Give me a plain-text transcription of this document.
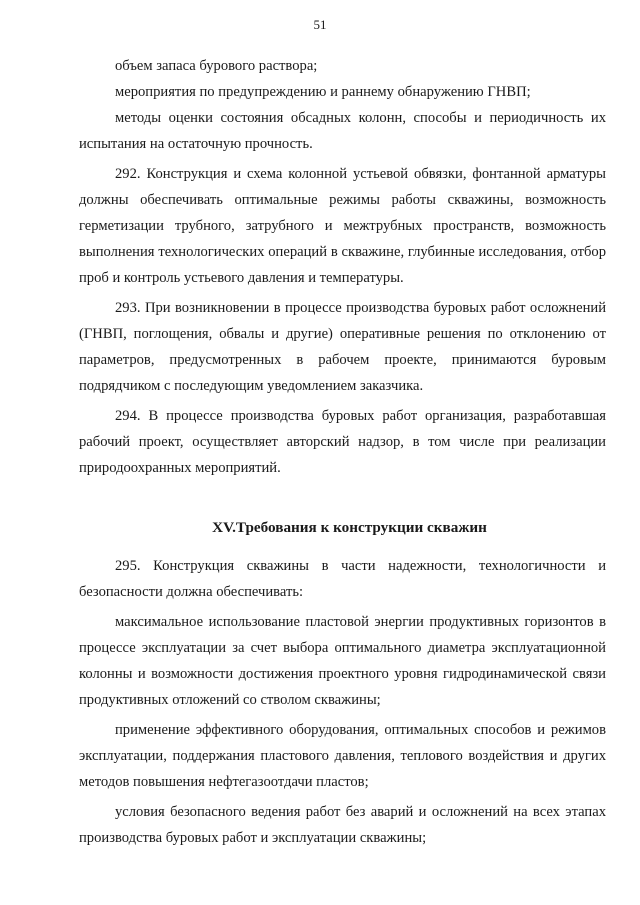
51

объем запаса бурового раствора;

мероприятия по предупреждению и раннему обнаружению ГНВП;

методы оценки состояния обсадных колонн, способы и периодичность их испытания на остаточную прочность.

292. Конструкция и схема колонной устьевой обвязки, фонтанной арматуры должны обеспечивать оптимальные режимы работы скважины, возможность герметизации трубного, затрубного и межтрубных пространств, возможность выполнения технологических операций в скважине, глубинные исследования, отбор проб и контроль устьевого давления и температуры.

293. При возникновении в процессе производства буровых работ осложнений (ГНВП, поглощения, обвалы и другие) оперативные решения по отклонению от параметров, предусмотренных в рабочем проекте, принимаются буровым подрядчиком с последующим уведомлением заказчика.

294. В процессе производства буровых работ организация, разработавшая рабочий проект, осуществляет авторский надзор, в том числе при реализации природоохранных мероприятий.

XV.Требования к конструкции скважин

295. Конструкция скважины в части надежности, технологичности и безопасности должна обеспечивать:

максимальное использование пластовой энергии продуктивных горизонтов в процессе эксплуатации за счет выбора оптимального диаметра эксплуатационной колонны и возможности достижения проектного уровня гидродинамической связи продуктивных отложений со стволом скважины;

применение эффективного оборудования, оптимальных способов и режимов эксплуатации, поддержания пластового давления, теплового воздействия и других методов повышения нефтегазоотдачи пластов;

условия безопасного ведения работ без аварий и осложнений на всех этапах производства буровых работ и эксплуатации скважины;
